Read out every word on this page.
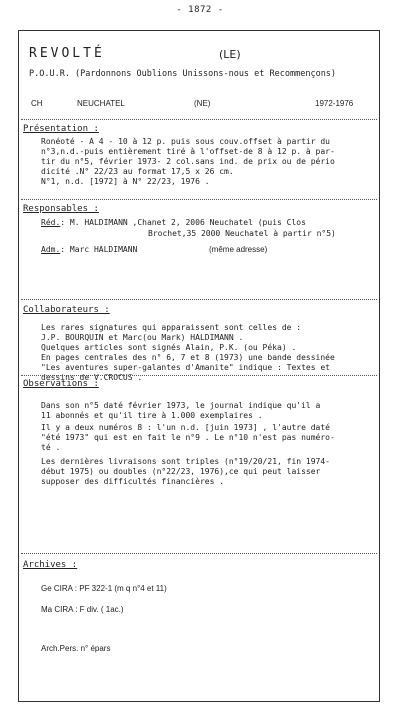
- 1872 -
REVOLTÉ	(LE)
P.O.U.R. (Pardonnons Oublions Unissons-nous et Recommençons)
CH	NEUCHATEL	(NE)	1972-1976
Présentation :
Ronéoté - A 4 - 10 à 12 p. puis sous couv.offset à partir du
n°3,n.d.-puis entièrement tiré à l'offset-de 8 à 12 p. à par-
tir du n°5, février 1973- 2 col.sans ind. de prix ou de pério
dicité .N° 22/23 au format 17,5 x 26 cm.
N°1, n.d. [1972] à N° 22/23, 1976 .
Responsables :
Réd.: M. HALDIMANN ,Chanet 2, 2006 Neuchatel (puis Clos
Brochet,35 2000 Neuchatel à partir n°5)
Adm.: Marc HALDIMANN	(même adresse)
Collaborateurs :
Les rares signatures qui apparaissent sont celles de :
J.P. BOURQUIN et Marc(ou Mark) HALDIMANN .
Quelques articles sont signés Alain, P.K. (ou Péka) .
En pages centrales des n° 6, 7 et 8 (1973) une bande dessinée
"Les aventures super-galantes d'Amanite" indique : Textes et
dessins de V.CROCUS .
Observations :
Dans son n°5 daté février 1973, le journal indique qu'il a
11 abonnés et qu'il tire à 1.000 exemplaires .
Il y a deux numéros 8 : l'un n.d. [juin 1973] , l'autre daté
"été 1973" qui est en fait le n°9 . Le n°10 n'est pas numéro-
té .
Les dernières livraisons sont triples (n°19/20/21, fin 1974-
début 1975) ou doubles (n°22/23, 1976),ce qui peut laisser
supposer des difficultés financières .
Archives :
Ge CIRA : PF 322-1 (m q n°4 et 11)
Ma CIRA : F div. ( 1ac.)
Arch.Pers. n° épars
